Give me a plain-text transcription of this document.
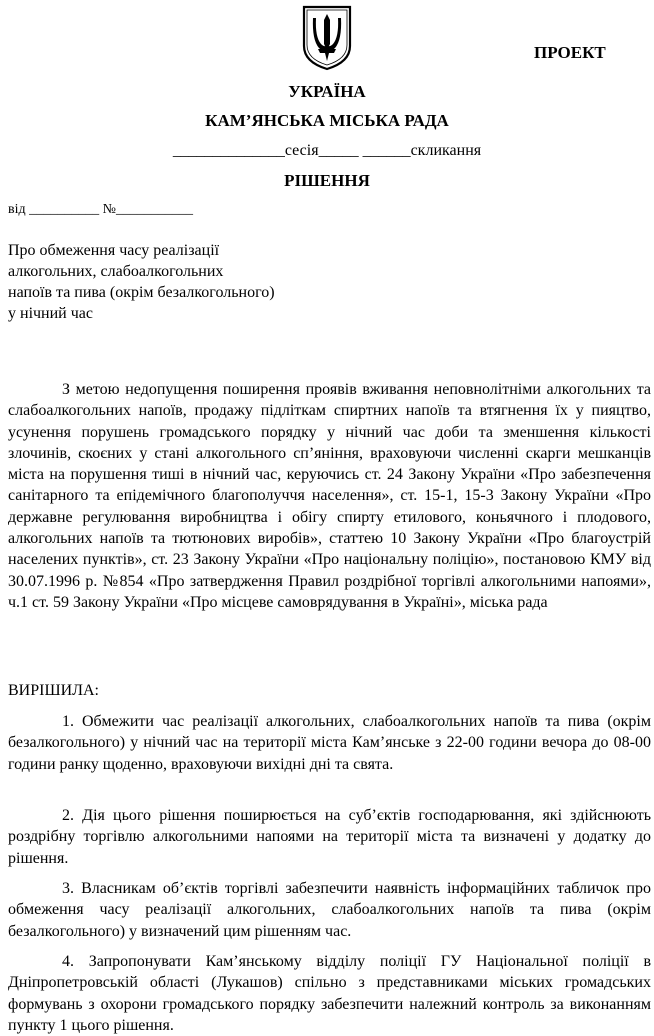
ПРОЕКТ
УКРАЇНА
КАМ’ЯНСЬКА МІСЬКА РАДА
______________сесія_____ ______скликання
РІШЕННЯ
від __________ №___________
Про обмеження часу реалізації
алкогольних, слабоалкогольних
напоїв та пива (окрім безалкогольного)
у нічний час

З метою недопущення поширення проявів вживання неповнолітніми алкогольних та слабоалкогольних напоїв, продажу підліткам спиртних напоїв та втягнення їх у пияцтво, усунення порушень громадського порядку у нічний час доби та зменшення кількості злочинів, скоєних у стані алкогольного сп’яніння, враховуючи численні скарги мешканців міста на порушення тиші в нічний час, керуючись ст. 24 Закону України «Про забезпечення санітарного та епідемічного благополуччя населення», ст. 15-1, 15-3 Закону України «Про державне регулювання виробництва і обігу спирту етилового, коньячного і плодового, алкогольних напоїв та тютюнових виробів», статтею 10 Закону України «Про благоустрій населених пунктів», ст. 23 Закону України «Про національну поліцію», постановою КМУ від 30.07.1996 р. №854 «Про затвердження Правил роздрібної торгівлі алкогольними напоями», ч.1 ст. 59 Закону України «Про місцеве самоврядування в Україні», міська рада

ВИРІШИЛА:

1. Обмежити час реалізації алкогольних, слабоалкогольних напоїв та пива (окрім безалкогольного) у нічний час на території міста Кам’янське з 22-00 години вечора до 08-00 години ранку щоденно, враховуючи вихідні дні та свята.

2. Дія цього рішення поширюється на суб’єктів господарювання, які здійснюють роздрібну торгівлю алкогольними напоями на території міста та визначені у додатку до рішення.

3. Власникам об’єктів торгівлі забезпечити наявність інформаційних табличок про обмеження часу реалізації алкогольних, слабоалкогольних напоїв та пива (окрім безалкогольного) у визначений цим рішенням час.

4. Запропонувати Кам’янському відділу поліції ГУ Національної поліції в Дніпропетровській області (Лукашов) спільно з представниками міських громадських формувань з охорони громадського порядку забезпечити належний контроль за виконанням пункту 1 цього рішення.
